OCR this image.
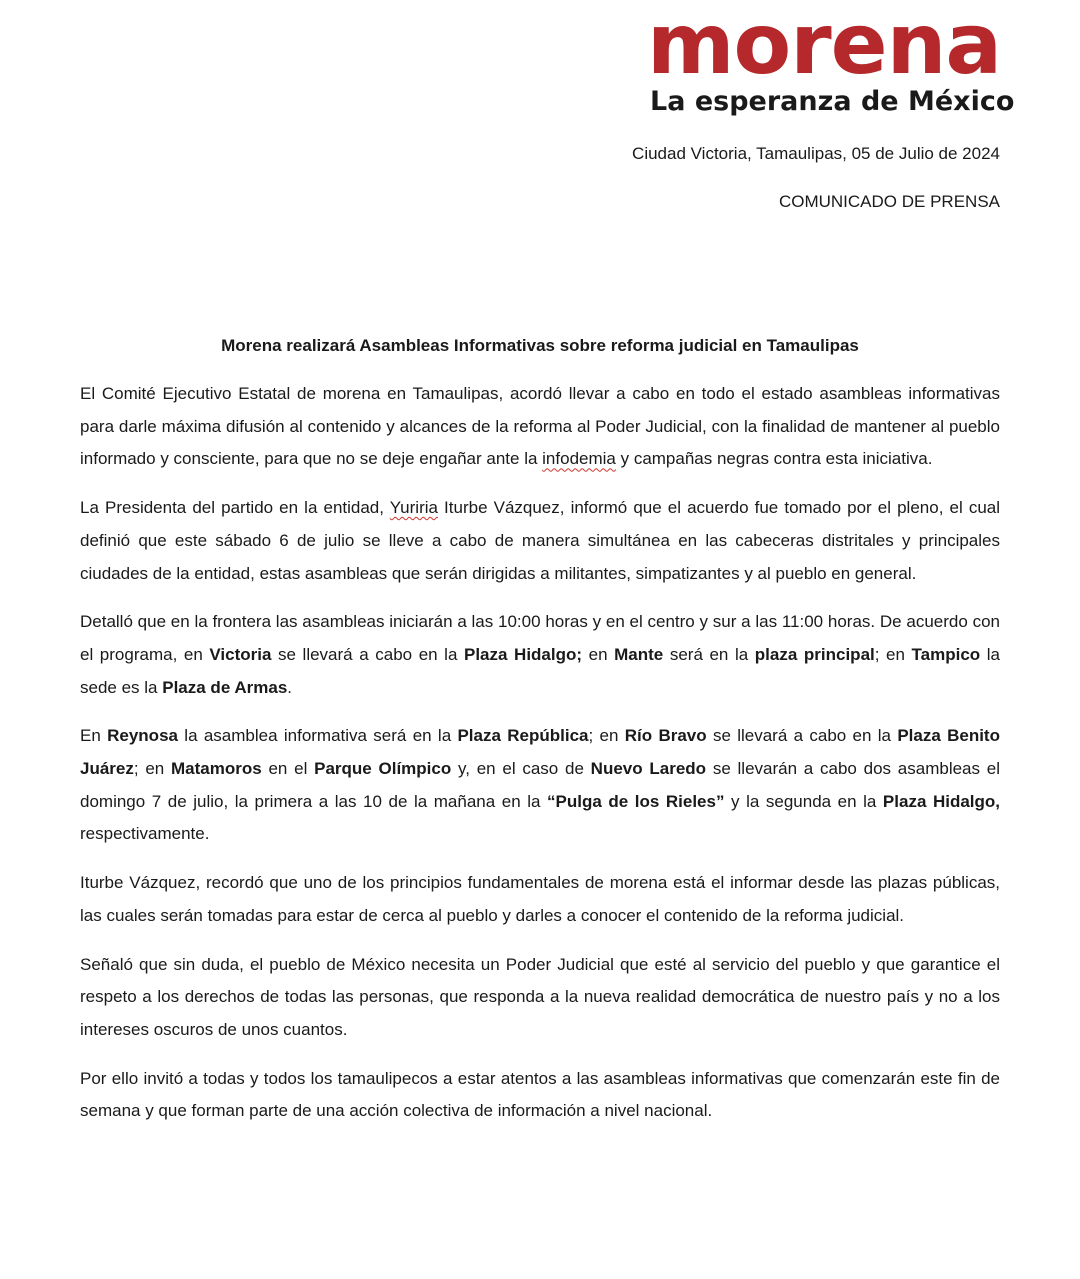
morena
La esperanza de México
Ciudad Victoria, Tamaulipas, 05 de Julio de 2024
COMUNICADO DE PRENSA
Morena realizará Asambleas Informativas sobre reforma judicial en Tamaulipas

El Comité Ejecutivo Estatal de morena en Tamaulipas, acordó llevar a cabo en todo el estado asambleas informativas para darle máxima difusión al contenido y alcances de la reforma al Poder Judicial, con la finalidad de mantener al pueblo informado y consciente, para que no se deje engañar ante la infodemia y campañas negras contra esta iniciativa.

La Presidenta del partido en la entidad, Yuriria Iturbe Vázquez, informó que el acuerdo fue tomado por el pleno, el cual definió que este sábado 6 de julio se lleve a cabo de manera simultánea en las cabeceras distritales y principales ciudades de la entidad, estas asambleas que serán dirigidas a militantes, simpatizantes y al pueblo en general.

Detalló que en la frontera las asambleas iniciarán a las 10:00 horas y en el centro y sur a las 11:00 horas. De acuerdo con el programa, en Victoria se llevará a cabo en la Plaza Hidalgo; en Mante será en la plaza principal; en Tampico la sede es la Plaza de Armas.

En Reynosa la asamblea informativa será en la Plaza República; en Río Bravo se llevará a cabo en la Plaza Benito Juárez; en Matamoros en el Parque Olímpico y, en el caso de Nuevo Laredo se llevarán a cabo dos asambleas el domingo 7 de julio, la primera a las 10 de la mañana en la “Pulga de los Rieles” y la segunda en la Plaza Hidalgo, respectivamente.

Iturbe Vázquez, recordó que uno de los principios fundamentales de morena está el informar desde las plazas públicas, las cuales serán tomadas para estar de cerca al pueblo y darles a conocer el contenido de la reforma judicial.

Señaló que sin duda, el pueblo de México necesita un Poder Judicial que esté al servicio del pueblo y que garantice el respeto a los derechos de todas las personas, que responda a la nueva realidad democrática de nuestro país y no a los intereses oscuros de unos cuantos.

Por ello invitó a todas y todos los tamaulipecos a estar atentos a las asambleas informativas que comenzarán este fin de semana y que forman parte de una acción colectiva de información a nivel nacional.
